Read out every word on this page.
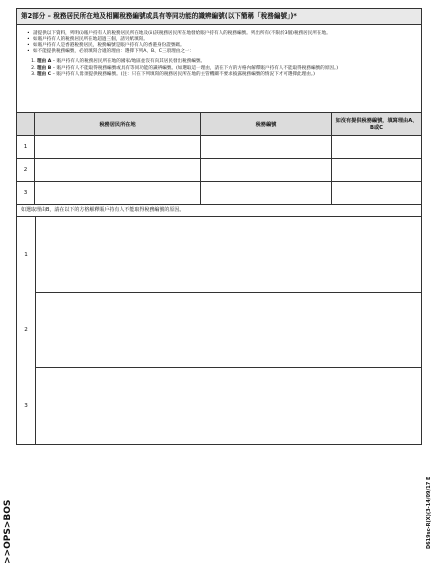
第2部分 – 稅務居民所在地及相關稅務編號或具有等同功能的識辨編號(以下簡稱「稅務編號」)*
• 請提供以下資料，列明(i)賬戶持有人的稅務居民所在地及(ii)該稅務居民所在地發給賬戶持有人的稅務編號。列出所有(不限於3個)稅務居民所在地。
• 如賬戶持有人的稅務居民所在地超過三個，請另紙填寫。
• 如賬戶持有人是香港稅務居民，稅務編號是賬戶持有人的香港身份證號碼。
• 如不能提供稅務編號，必須填寫合適的理由：選擇下列A、B、C三項理由之一：
1. 理由 A – 賬戶持有人的稅務居民所在地的國家/地區並沒有向其居民發出稅務編號。
2. 理由 B – 賬戶持有人不能取得稅務編號或具有等同功能的識辨編號。(如選取這一理由，請在下方的方格內解釋賬戶持有人不能取得稅務編號的原因。)
3. 理由 C – 賬戶持有人毋須提供稅務編號。(注：只在下列填寫的稅務居民所在地的主管機關不要求披露稅務編號的情況下才可選擇此理由。)
	稅務居民所在地	稅務編號	如沒有提供稅務編號，填寫理由A、B或C
1			
2			
3			
如選取理由B，請在以下的方格解釋賬戶持有人不能取得稅務編號的原因。
1
2
3
>>OPS>BOS	D619sc-R(X)(3-14/09/17 E
